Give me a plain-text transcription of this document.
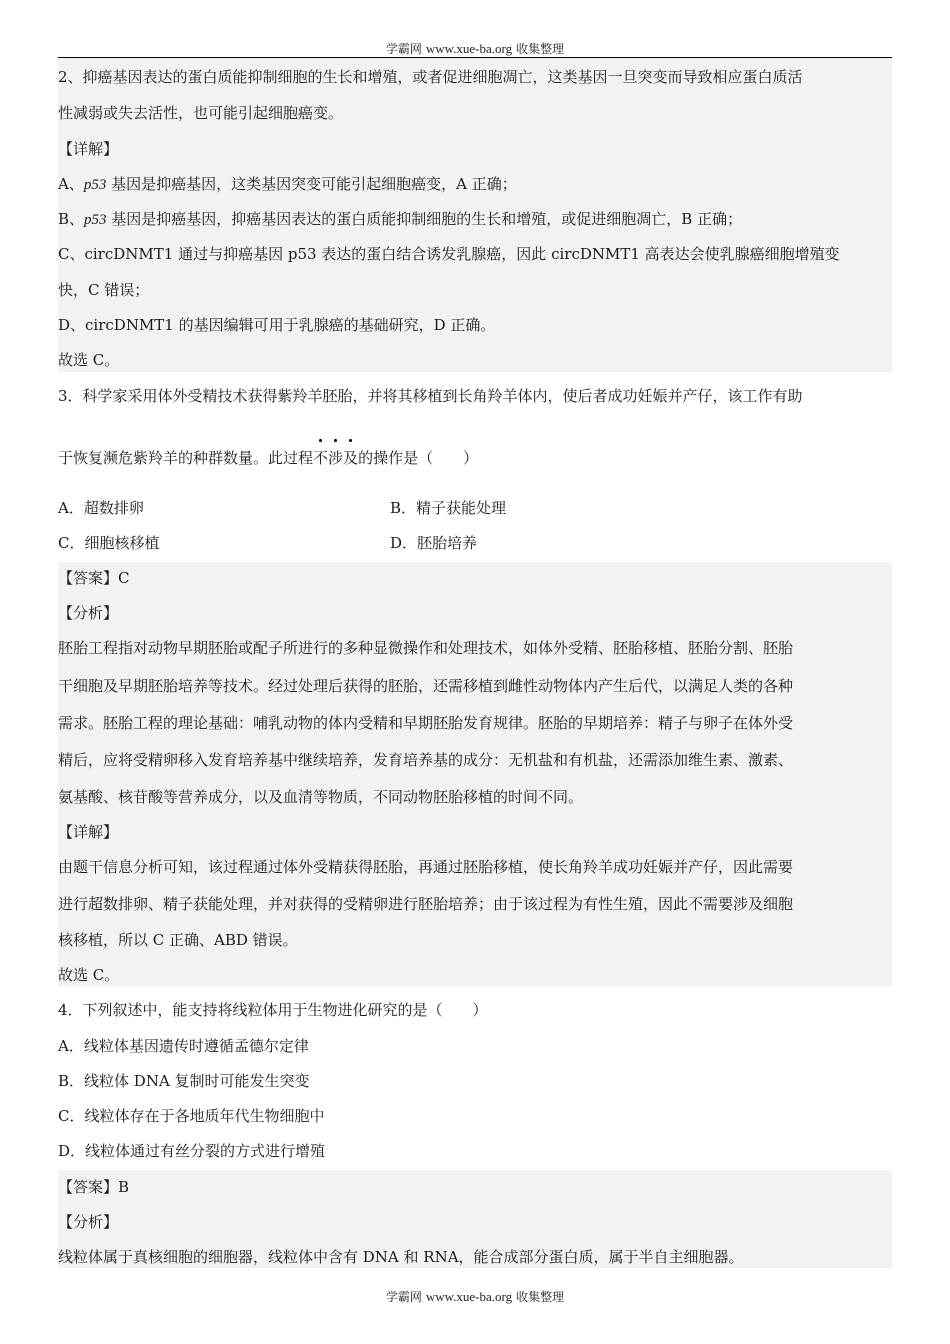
学霸网 www.xue-ba.org 收集整理
2、抑癌基因表达的蛋白质能抑制细胞的生长和增殖，或者促进细胞凋亡，这类基因一旦突变而导致相应蛋白质活
性减弱或失去活性，也可能引起细胞癌变。
【详解】
A、p53 基因是抑癌基因，这类基因突变可能引起细胞癌变，A 正确；
B、p53 基因是抑癌基因，抑癌基因表达的蛋白质能抑制细胞的生长和增殖，或促进细胞凋亡，B 正确；
C、circDNMT1 通过与抑癌基因 p53 表达的蛋白结合诱发乳腺癌，因此 circDNMT1 高表达会使乳腺癌细胞增殖变
快，C 错误；
D、circDNMT1 的基因编辑可用于乳腺癌的基础研究，D 正确。
故选 C。
3．科学家采用体外受精技术获得紫羚羊胚胎，并将其移植到长角羚羊体内，使后者成功妊娠并产仔，该工作有助
于恢复濒危紫羚羊的种群数量。此过程不涉及的操作是（　　）
A．超数排卵	B．精子获能处理
C．细胞核移植	D．胚胎培养
【答案】C
【分析】
胚胎工程指对动物早期胚胎或配子所进行的多种显微操作和处理技术，如体外受精、胚胎移植、胚胎分割、胚胎
干细胞及早期胚胎培养等技术。经过处理后获得的胚胎，还需移植到雌性动物体内产生后代，以满足人类的各种
需求。胚胎工程的理论基础：哺乳动物的体内受精和早期胚胎发育规律。胚胎的早期培养：精子与卵子在体外受
精后，应将受精卵移入发育培养基中继续培养，发育培养基的成分：无机盐和有机盐，还需添加维生素、激素、
氨基酸、核苷酸等营养成分，以及血清等物质，不同动物胚胎移植的时间不同。
【详解】
由题干信息分析可知，该过程通过体外受精获得胚胎，再通过胚胎移植，使长角羚羊成功妊娠并产仔，因此需要
进行超数排卵、精子获能处理，并对获得的受精卵进行胚胎培养；由于该过程为有性生殖，因此不需要涉及细胞
核移植，所以 C 正确、ABD 错误。
故选 C。
4．下列叙述中，能支持将线粒体用于生物进化研究的是（　　）
A．线粒体基因遗传时遵循孟德尔定律
B．线粒体 DNA 复制时可能发生突变
C．线粒体存在于各地质年代生物细胞中
D．线粒体通过有丝分裂的方式进行增殖
【答案】B
【分析】
线粒体属于真核细胞的细胞器，线粒体中含有 DNA 和 RNA，能合成部分蛋白质，属于半自主细胞器。
学霸网 www.xue-ba.org 收集整理
